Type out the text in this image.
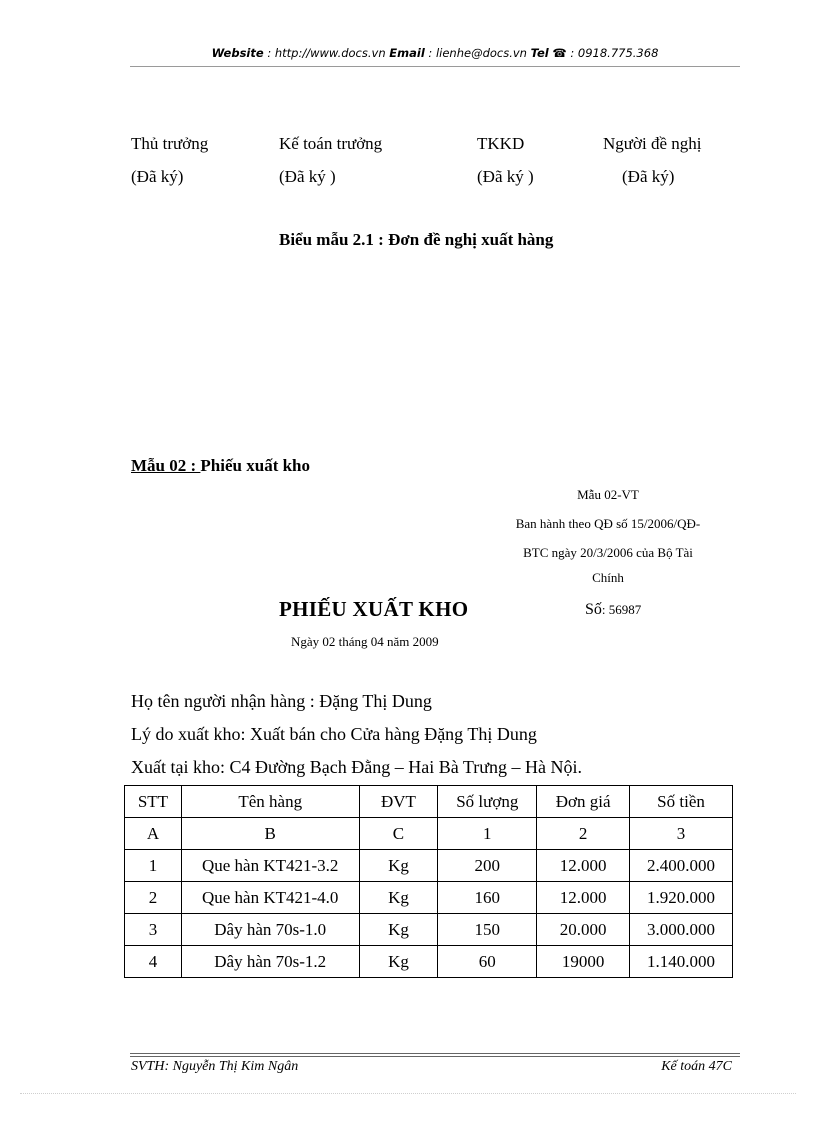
Website : http://www.docs.vn Email : lienhe@docs.vn Tel ☎ : 0918.775.368
Thủ trưởng	Kế toán trưởng	TKKD	Người đề nghị
(Đã ký)	(Đã ký )	(Đã ký )	(Đã ký)
Biểu mẫu 2.1 : Đơn đề nghị xuất hàng
Mẫu 02 : Phiếu xuất kho
Mẫu 02-VT
Ban hành theo QĐ số 15/2006/QĐ-
BTC ngày 20/3/2006 của Bộ Tài
Chính
PHIẾU XUẤT KHO	Số: 56987
Ngày 02 tháng 04 năm 2009
Họ tên người nhận hàng : Đặng Thị Dung
Lý do xuất kho: Xuất bán cho Cửa hàng Đặng Thị Dung
Xuất tại kho: C4 Đường Bạch Đằng – Hai Bà Trưng – Hà Nội.
STT	Tên hàng	ĐVT	Số lượng	Đơn giá	Số tiền
A	B	C	1	2	3
1	Que hàn KT421-3.2	Kg	200	12.000	2.400.000
2	Que hàn KT421-4.0	Kg	160	12.000	1.920.000
3	Dây hàn 70s-1.0	Kg	150	20.000	3.000.000
4	Dây hàn 70s-1.2	Kg	60	19000	1.140.000
SVTH: Nguyễn Thị Kim Ngân	Kế toán 47C
